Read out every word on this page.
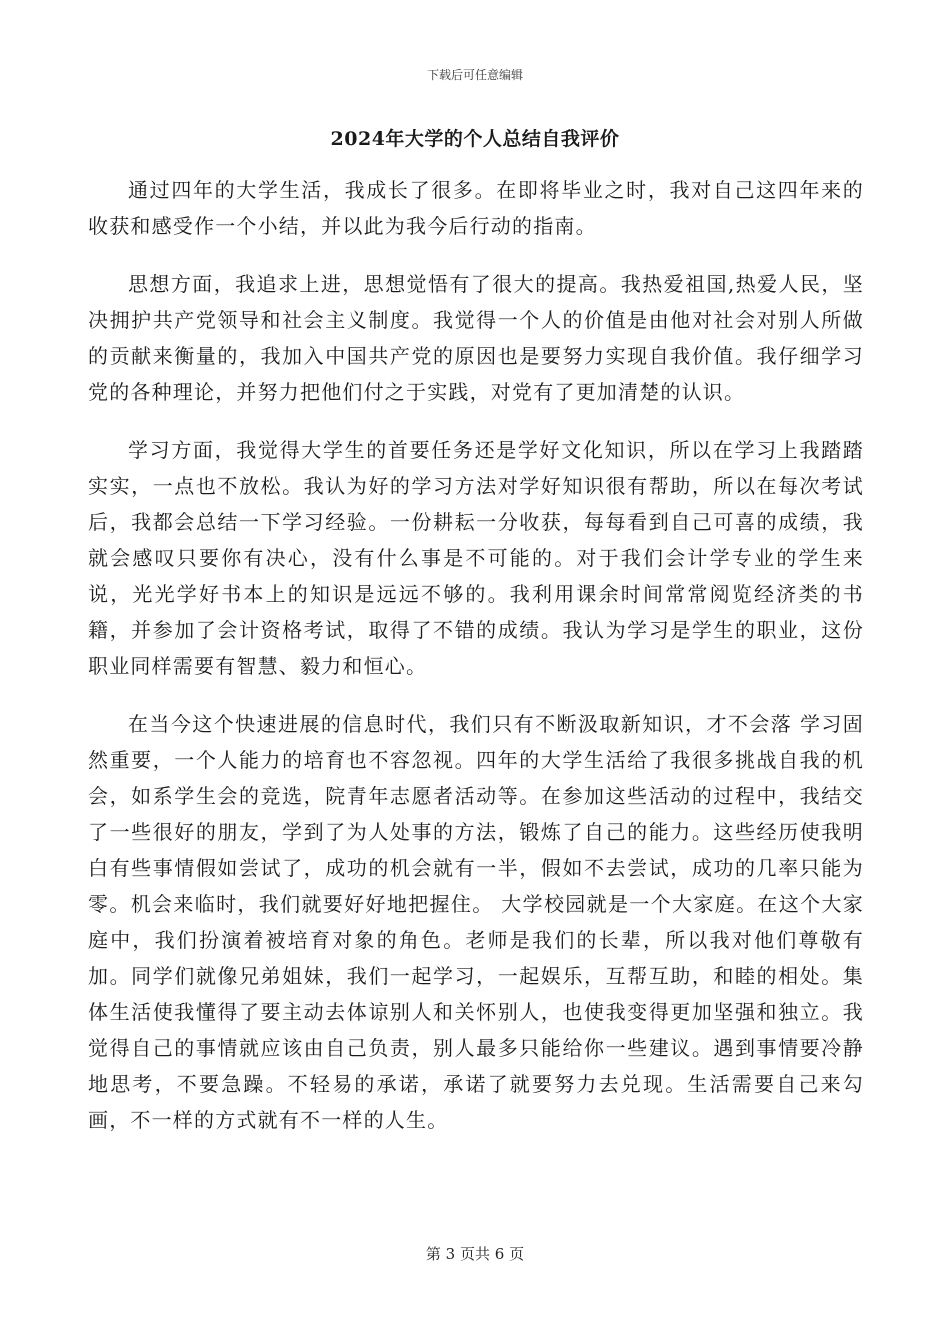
下载后可任意编辑
2024年大学的个人总结自我评价

通过四年的大学生活，我成长了很多。在即将毕业之时，我对自己这四年来的收获和感受作一个小结，并以此为我今后行动的指南。

思想方面，我追求上进，思想觉悟有了很大的提高。我热爱祖国,热爱人民，坚决拥护共产党领导和社会主义制度。我觉得一个人的价值是由他对社会对别人所做的贡献来衡量的，我加入中国共产党的原因也是要努力实现自我价值。我仔细学习党的各种理论，并努力把他们付之于实践，对党有了更加清楚的认识。

学习方面，我觉得大学生的首要任务还是学好文化知识，所以在学习上我踏踏实实，一点也不放松。我认为好的学习方法对学好知识很有帮助，所以在每次考试后，我都会总结一下学习经验。一份耕耘一分收获，每每看到自己可喜的成绩，我就会感叹只要你有决心，没有什么事是不可能的。对于我们会计学专业的学生来说，光光学好书本上的知识是远远不够的。我利用课余时间常常阅览经济类的书籍，并参加了会计资格考试，取得了不错的成绩。我认为学习是学生的职业，这份职业同样需要有智慧、毅力和恒心。

在当今这个快速进展的信息时代，我们只有不断汲取新知识，才不会落 学习固然重要，一个人能力的培育也不容忽视。四年的大学生活给了我很多挑战自我的机会，如系学生会的竞选，院青年志愿者活动等。在参加这些活动的过程中，我结交了一些很好的朋友，学到了为人处事的方法，锻炼了自己的能力。这些经历使我明白有些事情假如尝试了，成功的机会就有一半，假如不去尝试，成功的几率只能为零。机会来临时，我们就要好好地把握住。 大学校园就是一个大家庭。在这个大家庭中，我们扮演着被培育对象的角色。老师是我们的长辈，所以我对他们尊敬有加。同学们就像兄弟姐妹，我们一起学习，一起娱乐，互帮互助，和睦的相处。集体生活使我懂得了要主动去体谅别人和关怀别人，也使我变得更加坚强和独立。我觉得自己的事情就应该由自己负责，别人最多只能给你一些建议。遇到事情要冷静地思考，不要急躁。不轻易的承诺，承诺了就要努力去兑现。生活需要自己来勾画，不一样的方式就有不一样的人生。

第 3 页共 6 页
